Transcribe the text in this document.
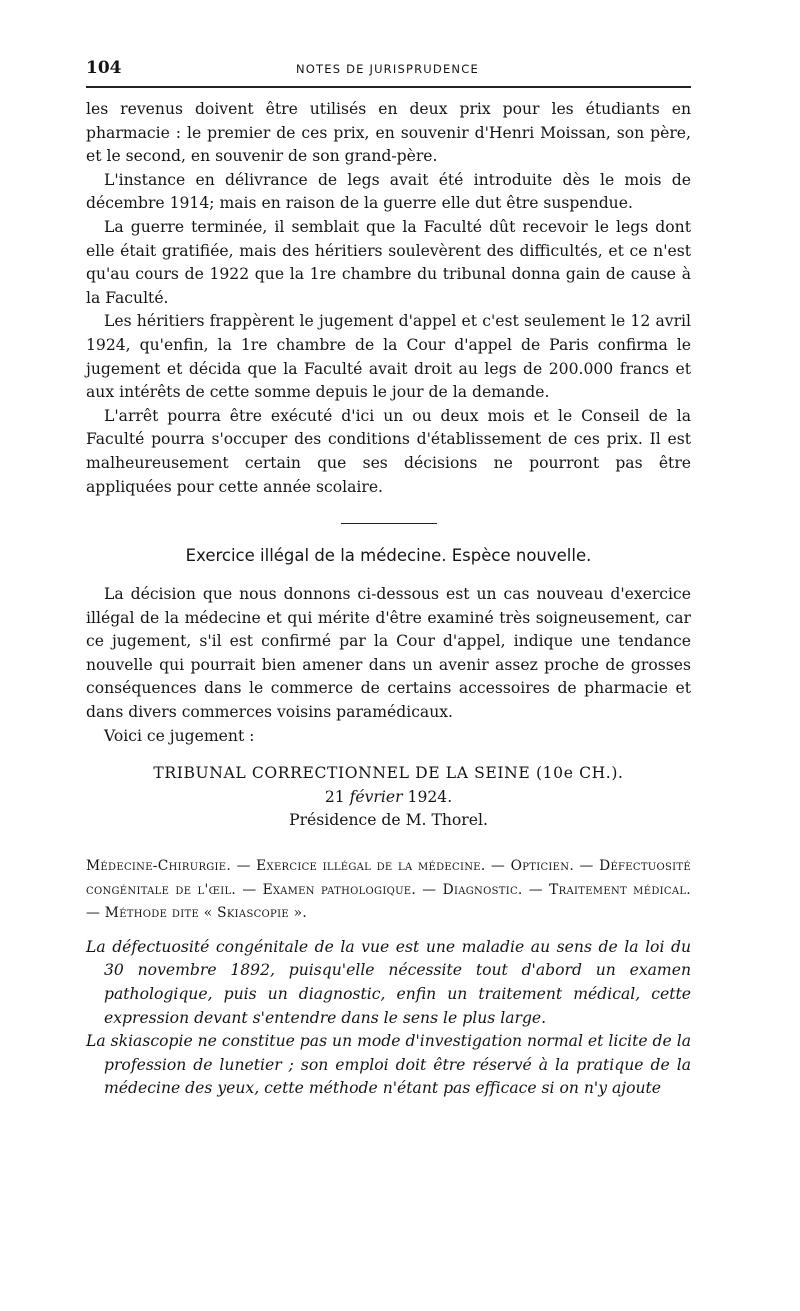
104	NOTES DE JURISPRUDENCE

les revenus doivent être utilisés en deux prix pour les étudiants en pharmacie : le premier de ces prix, en souvenir d'Henri Moissan, son père, et le second, en souvenir de son grand-père.

L'instance en délivrance de legs avait été introduite dès le mois de décembre 1914; mais en raison de la guerre elle dut être suspendue.

La guerre terminée, il semblait que la Faculté dût recevoir le legs dont elle était gratifiée, mais des héritiers soulevèrent des difficultés, et ce n'est qu'au cours de 1922 que la 1re chambre du tribunal donna gain de cause à la Faculté.

Les héritiers frappèrent le jugement d'appel et c'est seulement le 12 avril 1924, qu'enfin, la 1re chambre de la Cour d'appel de Paris confirma le jugement et décida que la Faculté avait droit au legs de 200.000 francs et aux intérêts de cette somme depuis le jour de la demande.

L'arrêt pourra être exécuté d'ici un ou deux mois et le Conseil de la Faculté pourra s'occuper des conditions d'établissement de ces prix. Il est malheureusement certain que ses décisions ne pourront pas être appliquées pour cette année scolaire.

Exercice illégal de la médecine. Espèce nouvelle.

La décision que nous donnons ci-dessous est un cas nouveau d'exercice illégal de la médecine et qui mérite d'être examiné très soigneusement, car ce jugement, s'il est confirmé par la Cour d'appel, indique une tendance nouvelle qui pourrait bien amener dans un avenir assez proche de grosses conséquences dans le commerce de certains accessoires de pharmacie et dans divers commerces voisins paramédicaux.

Voici ce jugement :

TRIBUNAL CORRECTIONNEL DE LA SEINE (10e CH.).
21 février 1924.
Présidence de M. Thorel.
Médecine-Chirurgie. — Exercice illégal de la médecine. — Opticien. — Défectuosité congénitale de l'œil. — Examen pathologique. — Diagnostic. — Traitement médical. — Méthode dite « Skiascopie ».
La défectuosité congénitale de la vue est une maladie au sens de la loi du 30 novembre 1892, puisqu'elle nécessite tout d'abord un examen pathologique, puis un diagnostic, enfin un traitement médical, cette expression devant s'entendre dans le sens le plus large.
La skiascopie ne constitue pas un mode d'investigation normal et licite de la profession de lunetier ; son emploi doit être réservé à la pratique de la médecine des yeux, cette méthode n'étant pas efficace si on n'y ajoute
